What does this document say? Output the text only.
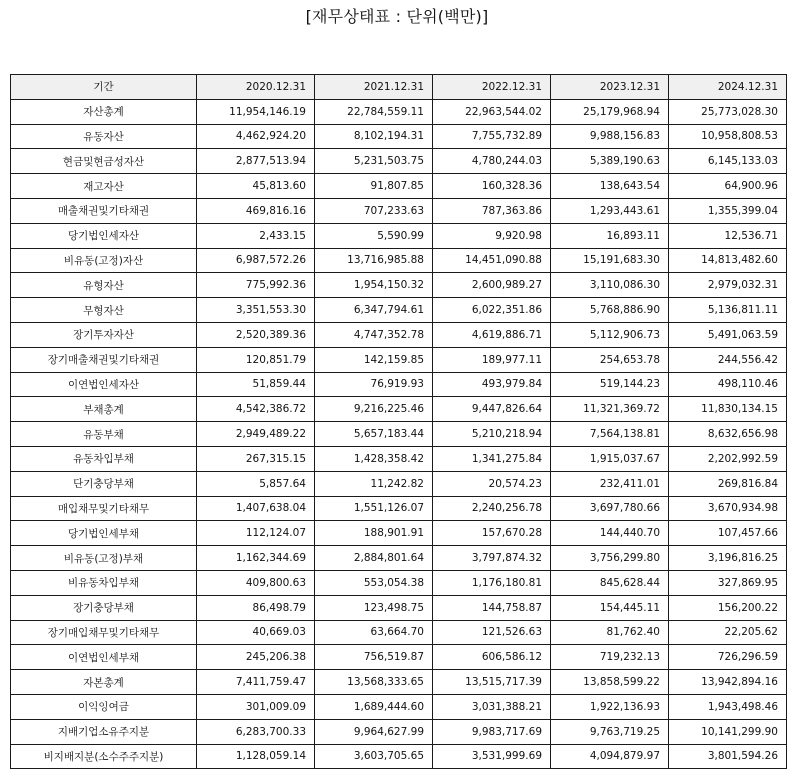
[재무상태표 : 단위(백만)]
기간	2020.12.31	2021.12.31	2022.12.31	2023.12.31	2024.12.31
자산총계	11,954,146.19	22,784,559.11	22,963,544.02	25,179,968.94	25,773,028.30
유동자산	4,462,924.20	8,102,194.31	7,755,732.89	9,988,156.83	10,958,808.53
현금및현금성자산	2,877,513.94	5,231,503.75	4,780,244.03	5,389,190.63	6,145,133.03
재고자산	45,813.60	91,807.85	160,328.36	138,643.54	64,900.96
매출채권및기타채권	469,816.16	707,233.63	787,363.86	1,293,443.61	1,355,399.04
당기법인세자산	2,433.15	5,590.99	9,920.98	16,893.11	12,536.71
비유동(고정)자산	6,987,572.26	13,716,985.88	14,451,090.88	15,191,683.30	14,813,482.60
유형자산	775,992.36	1,954,150.32	2,600,989.27	3,110,086.30	2,979,032.31
무형자산	3,351,553.30	6,347,794.61	6,022,351.86	5,768,886.90	5,136,811.11
장기투자자산	2,520,389.36	4,747,352.78	4,619,886.71	5,112,906.73	5,491,063.59
장기매출채권및기타채권	120,851.79	142,159.85	189,977.11	254,653.78	244,556.42
이연법인세자산	51,859.44	76,919.93	493,979.84	519,144.23	498,110.46
부채총계	4,542,386.72	9,216,225.46	9,447,826.64	11,321,369.72	11,830,134.15
유동부채	2,949,489.22	5,657,183.44	5,210,218.94	7,564,138.81	8,632,656.98
유동차입부채	267,315.15	1,428,358.42	1,341,275.84	1,915,037.67	2,202,992.59
단기충당부채	5,857.64	11,242.82	20,574.23	232,411.01	269,816.84
매입채무및기타채무	1,407,638.04	1,551,126.07	2,240,256.78	3,697,780.66	3,670,934.98
당기법인세부채	112,124.07	188,901.91	157,670.28	144,440.70	107,457.66
비유동(고정)부채	1,162,344.69	2,884,801.64	3,797,874.32	3,756,299.80	3,196,816.25
비유동차입부채	409,800.63	553,054.38	1,176,180.81	845,628.44	327,869.95
장기충당부채	86,498.79	123,498.75	144,758.87	154,445.11	156,200.22
장기매입채무및기타채무	40,669.03	63,664.70	121,526.63	81,762.40	22,205.62
이연법인세부채	245,206.38	756,519.87	606,586.12	719,232.13	726,296.59
자본총계	7,411,759.47	13,568,333.65	13,515,717.39	13,858,599.22	13,942,894.16
이익잉여금	301,009.09	1,689,444.60	3,031,388.21	1,922,136.93	1,943,498.46
지배기업소유주지분	6,283,700.33	9,964,627.99	9,983,717.69	9,763,719.25	10,141,299.90
비지배지분(소수주주지분)	1,128,059.14	3,603,705.65	3,531,999.69	4,094,879.97	3,801,594.26
